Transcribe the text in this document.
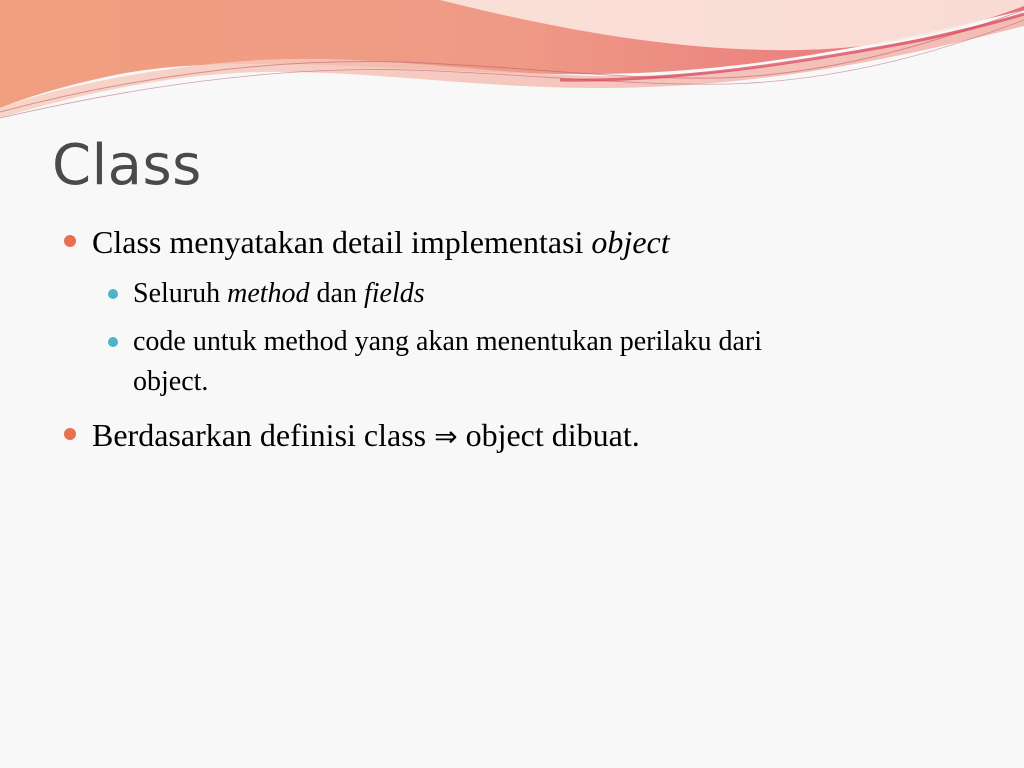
Class
Class menyatakan detail implementasi object
Seluruh method dan fields
code untuk method yang akan menentukan perilaku dari
object.
Berdasarkan definisi class ⇒ object dibuat.
